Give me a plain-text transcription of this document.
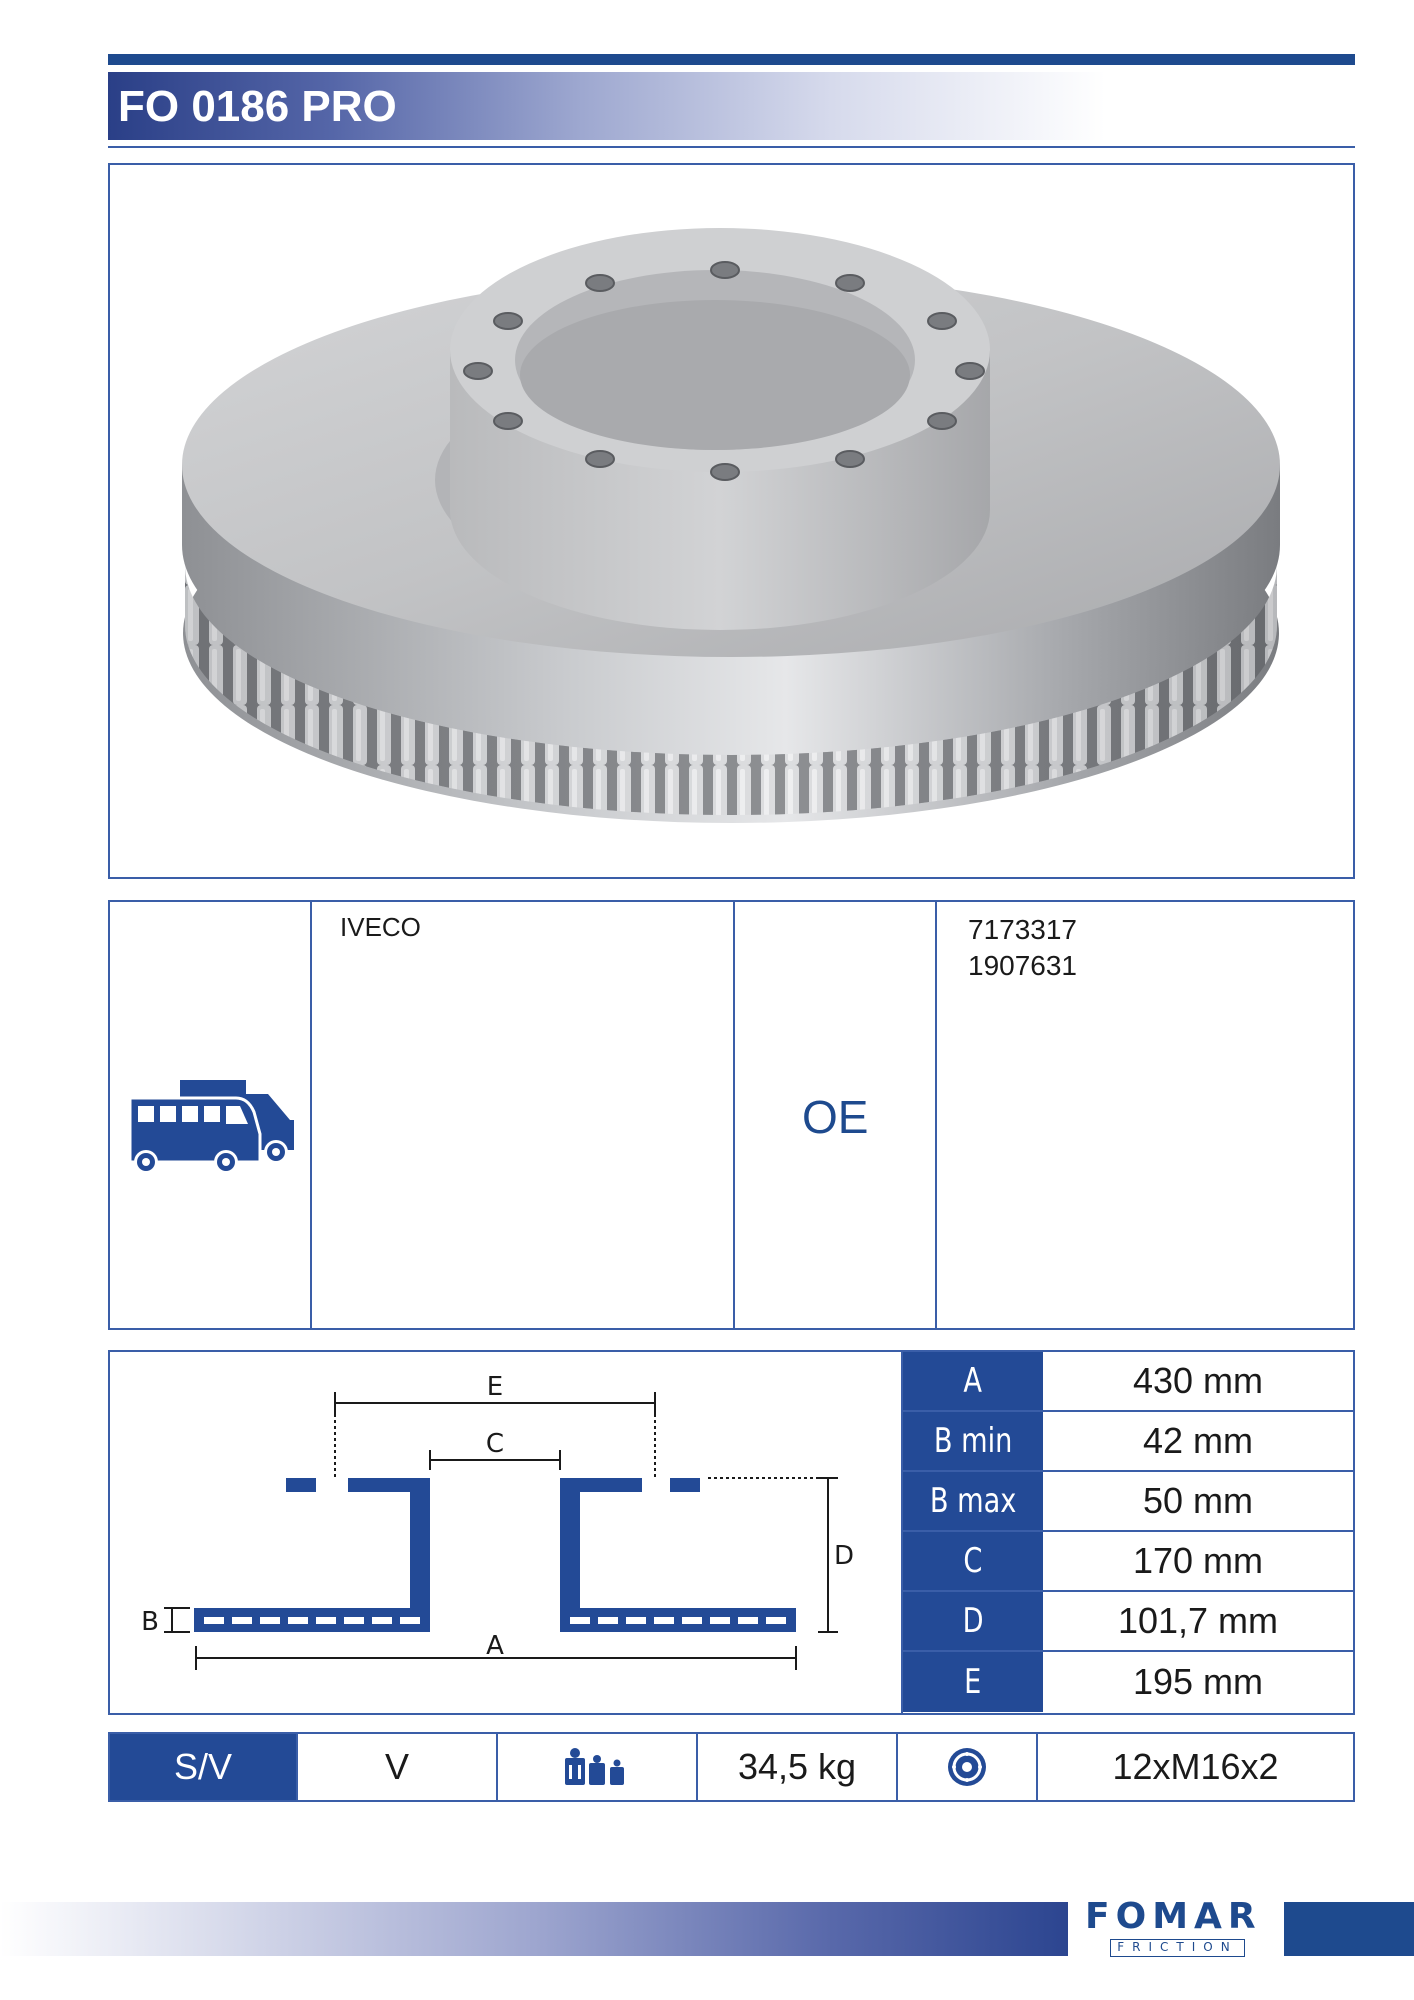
FO 0186 PRO
IVECO
OE
7173317
1907631
E
C
D
A
B
A	430 mm
B min	42 mm
B max	50 mm
C	170 mm
D	101,7 mm
E	195 mm
S/V	V	34,5 kg	12xM16x2
FOMAR
FRICTION
